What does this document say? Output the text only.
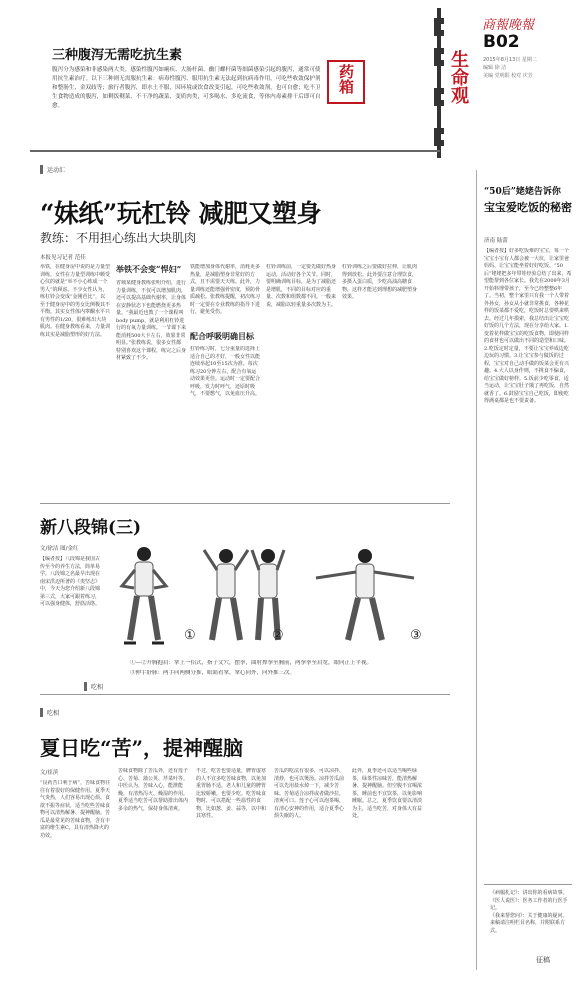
生命观
商報晚報
B02
2015年8月13日 星期二
编辑 徐 洁
美编 党明阳 校对 庆芳
三种腹泻无需吃抗生素
药箱
腹泻分为感染和非感染两大类。感染性腹泻如痢疾、大肠杆菌、幽门螺杆菌等细菌感染引起的腹泻，通常可使用抗生素治疗。以下三种则无需服抗生素：病毒性腹泻、服用抗生素无法起到抗病毒作用，可吃些收敛保护剂和整肠生、金双歧等；旅行者腹泻，即水土不服，因环境或饮食改变引起，可吃些收敛剂，也可自愈；吃不卫生食物造成的腹泻，如剩饭剩菜、不干净的蔬菜、变质肉类，可多喝水、多吃流食，等体内毒素排干后即可自愈。
“50后”姥姥告诉你
宝宝爱吃饭的秘密
济南 陆蕾
【编者按】好多吃饭难的宝宝，每一个宝宝小宝有人都会被一大坑，让家里爸妈妈、让宝宝能坐着好好吃饭。“50后”姥姥把多年带娃经验总结了出来，希望能帮到各位家长。我先在2009年3月开始料理带孩子，至今已经整整6年了。当初，整个家里只有我一个人带着外孙女，孙女从小就非常挑食，各种花样的饭菜都不爱吃，吃饭时总要哄来哄去。经过几年摸索，我总结出让宝宝吃好饭的几个方法，现在分享给大家。1.变着花样做宝宝的吃饭食物，即使同样的食材也可以做出不同的造型和口味。2.吃饭定时定量，不要让宝宝养成边吃边玩的习惯。3.让宝宝参与做饭的过程，宝宝对自己动手做的饭菜会更有兴趣。4.大人以身作则，不挑食不偏食，给宝宝做好榜样。5.饭前少吃零食，适当运动，让宝宝肚子饿了再吃饭，自然就香了。6.鼓励宝宝自己吃饭，即使吃得满桌都是也不要责备。
《病榻札记》：讲出你的看病故事。
《医人说医》：医务工作者的行医手记。
《我来帮您问》：关于健康的疑问。
来稿请注明栏目名称，并附联系方式。
征稿
运动汇
“妹纸”玩杠铃 减肥又塑身
教练：不用担心练出大块肌肉
本报见习记者 范佳
举铁，在健身房中说的是力量型训练。女性在力量型训练中颇受心仪的就是“举不小心练成一个男人”的顾虑。不少女性认为，练杠铃会变成“金刚芭比”，以至于健身房中的男女比例极其不平衡。其实女性体内睾酮水平只有男性的1/20，很难练出大块肌肉。在健身教练看来，力量训练其实是减脂塑形的好方法。
举铁不会变“悍妇”
省城某健身教练张明介绍，进行力量训练，不仅可以增加肌肉，还可以提高基础代谢率，让身体在安静状态下也能燃烧更多热量。“我最近也教了一个课程叫body pump，就是利用杠铃进行的有氧力量训练。一节课下来能消耗500大卡左右，效果非常明显。”张教练说，很多女性都特别喜欢这个课程，练完之后身材紧致了不少。
铁能增加身体代谢率，消耗更多热量，是减脂塑身非常好的方式，且不需要天天练。此外，力量训练还能增强骨密度，预防骨质疏松。张教练提醒，初次练习时一定要在专业教练的指导下进行，避免受伤。
配合呼吸明确目标
杠铃练习时，七分重量的选择上适合自己的才好，一般女性以能连续举起10至15次为准。每次练习20分钟左右，配合有氧运动效果更佳。运动时一定要配合呼吸，发力时呼气，还原时吸气，不要憋气，以免血压升高。
杠铃训练前，一定要先做好热身运动，活动好各个关节。同时，要明确训练目标，是为了减脂还是增肌，不同的目标对应的重量、次数和组数都不同。一般来说，减脂以轻重量多次数为主。
杠铃训练之后要做好拉伸，让肌肉得到放松。此外要注意合理饮食，多摄入蛋白质，少吃高油高糖食物，这样才能达到理想的减肥塑身效果。
新八段锦(三)
文/徐洁 图/金红
【编者按】八段锦是我国古传至今的养生方法，简单易学。八段锦之名最早出现在南宋洪迈所著的《夷坚志》中，今天为您介绍新八段锦第三式，大家可跟着练习，可以强身健体，舒筋活络。
①	②	③
①—②开胸抱肩：掌上一招式，指子文穴，摆拳，曲肘撑拳至胸前，两拳拳至肩宽，眼向正上平视。
③伸手舒脉：两手向两侧分推，眼睛看掌，掌心向外，向外推三次。
吃相
吃相
夏日吃“苦”，提神醒脑
文/崔滨
“良药苦口利于病”，苦味食物往往有着很好的保健作用。夏季天气炎热，人们容易出现心烦、食欲不振等症状，适当吃些苦味食物可以清热解暑、提神醒脑。苦瓜是最常见的苦味食物，含有丰富的维生素C，具有清热降火的功效。
苦味食物除了苦瓜外，还有莲子心、苦菊、蒲公英、芹菜叶等。中医认为，苦味入心，能泄能燥，有清热泻火、燥湿的作用。夏季适当吃苦可以帮助排出体内多余的热气，保持身体清爽。
不过，吃苦也要适量，脾胃虚寒的人不宜多吃苦味食物，以免加重胃肠不适。老人和儿童的脾胃比较娇嫩，也要少吃。吃苦味食物时，可以搭配一些温性的食物，比如葱、姜、蒜等，以中和其寒性。
苦瓜的吃法有很多，可以凉拌、清炒，也可以煲汤。凉拌苦瓜前可以先用盐水焯一下，减少苦味。苦菊适合凉拌或者做沙拉，清爽可口。莲子心可以泡茶喝，有清心安神的作用，适合夏季心烦失眠的人。
此外，夏季还可以适当喝些绿茶，绿茶性凉味苦，能清热解暑、提神醒脑。但空腹不宜喝浓茶，睡前也不宜饮茶，以免影响睡眠。总之，夏季饮食要以清淡为主，适当吃苦，对身体大有益处。
